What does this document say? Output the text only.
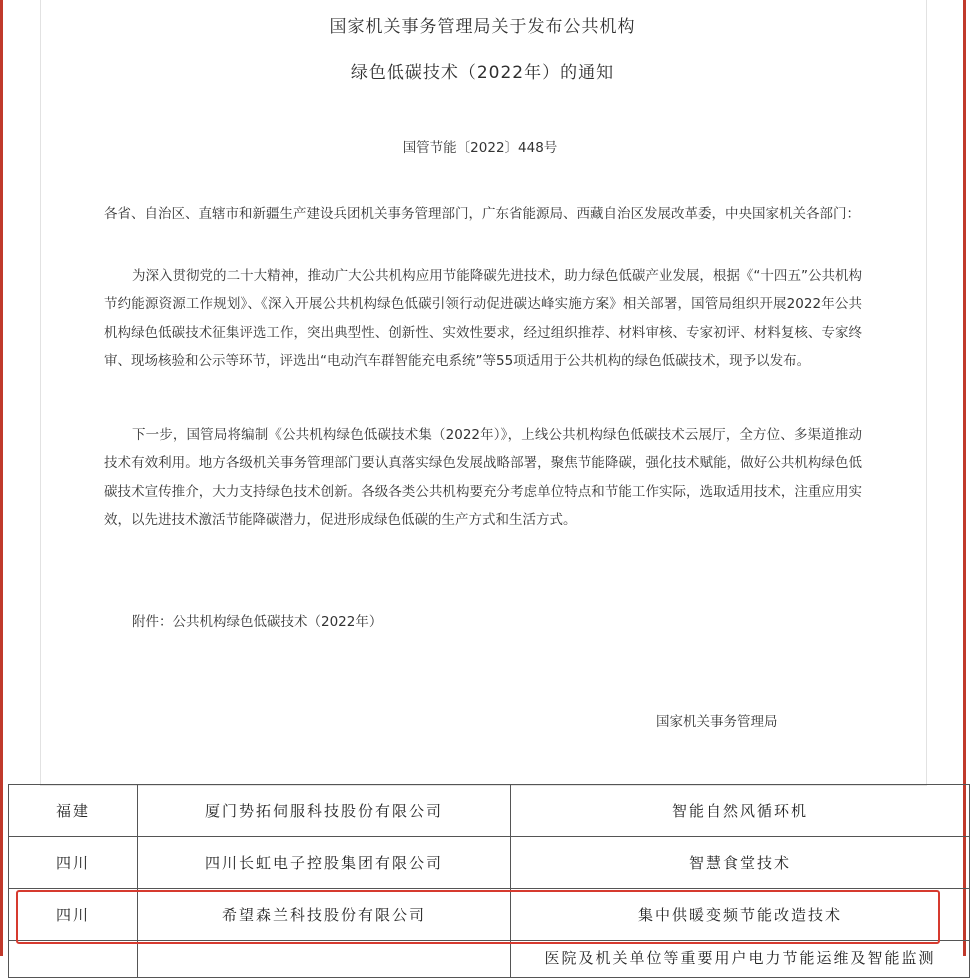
国家机关事务管理局关于发布公共机构
绿色低碳技术（2022年）的通知
国管节能〔2022〕448号

各省、自治区、直辖市和新疆生产建设兵团机关事务管理部门，广东省能源局、西藏自治区发展改革委，中央国家机关各部门：

为深入贯彻党的二十大精神，推动广大公共机构应用节能降碳先进技术，助力绿色低碳产业发展，根据《“十四五”公共机构节约能源资源工作规划》、《深入开展公共机构绿色低碳引领行动促进碳达峰实施方案》相关部署，国管局组织开展2022年公共机构绿色低碳技术征集评选工作，突出典型性、创新性、实效性要求，经过组织推荐、材料审核、专家初评、材料复核、专家终审、现场核验和公示等环节，评选出“电动汽车群智能充电系统”等55项适用于公共机构的绿色低碳技术，现予以发布。

下一步，国管局将编制《公共机构绿色低碳技术集（2022年）》，上线公共机构绿色低碳技术云展厅，全方位、多渠道推动技术有效利用。地方各级机关事务管理部门要认真落实绿色发展战略部署，聚焦节能降碳，强化技术赋能，做好公共机构绿色低碳技术宣传推介，大力支持绿色技术创新。各级各类公共机构要充分考虑单位特点和节能工作实际，选取适用技术，注重应用实效，以先进技术激活节能降碳潜力，促进形成绿色低碳的生产方式和生活方式。

附件：公共机构绿色低碳技术（2022年）
国家机关事务管理局
福建	厦门势拓伺服科技股份有限公司	智能自然风循环机
四川	四川长虹电子控股集团有限公司	智慧食堂技术
四川	希望森兰科技股份有限公司	集中供暖变频节能改造技术
		医院及机关单位等重要用户电力节能运维及智能监测
